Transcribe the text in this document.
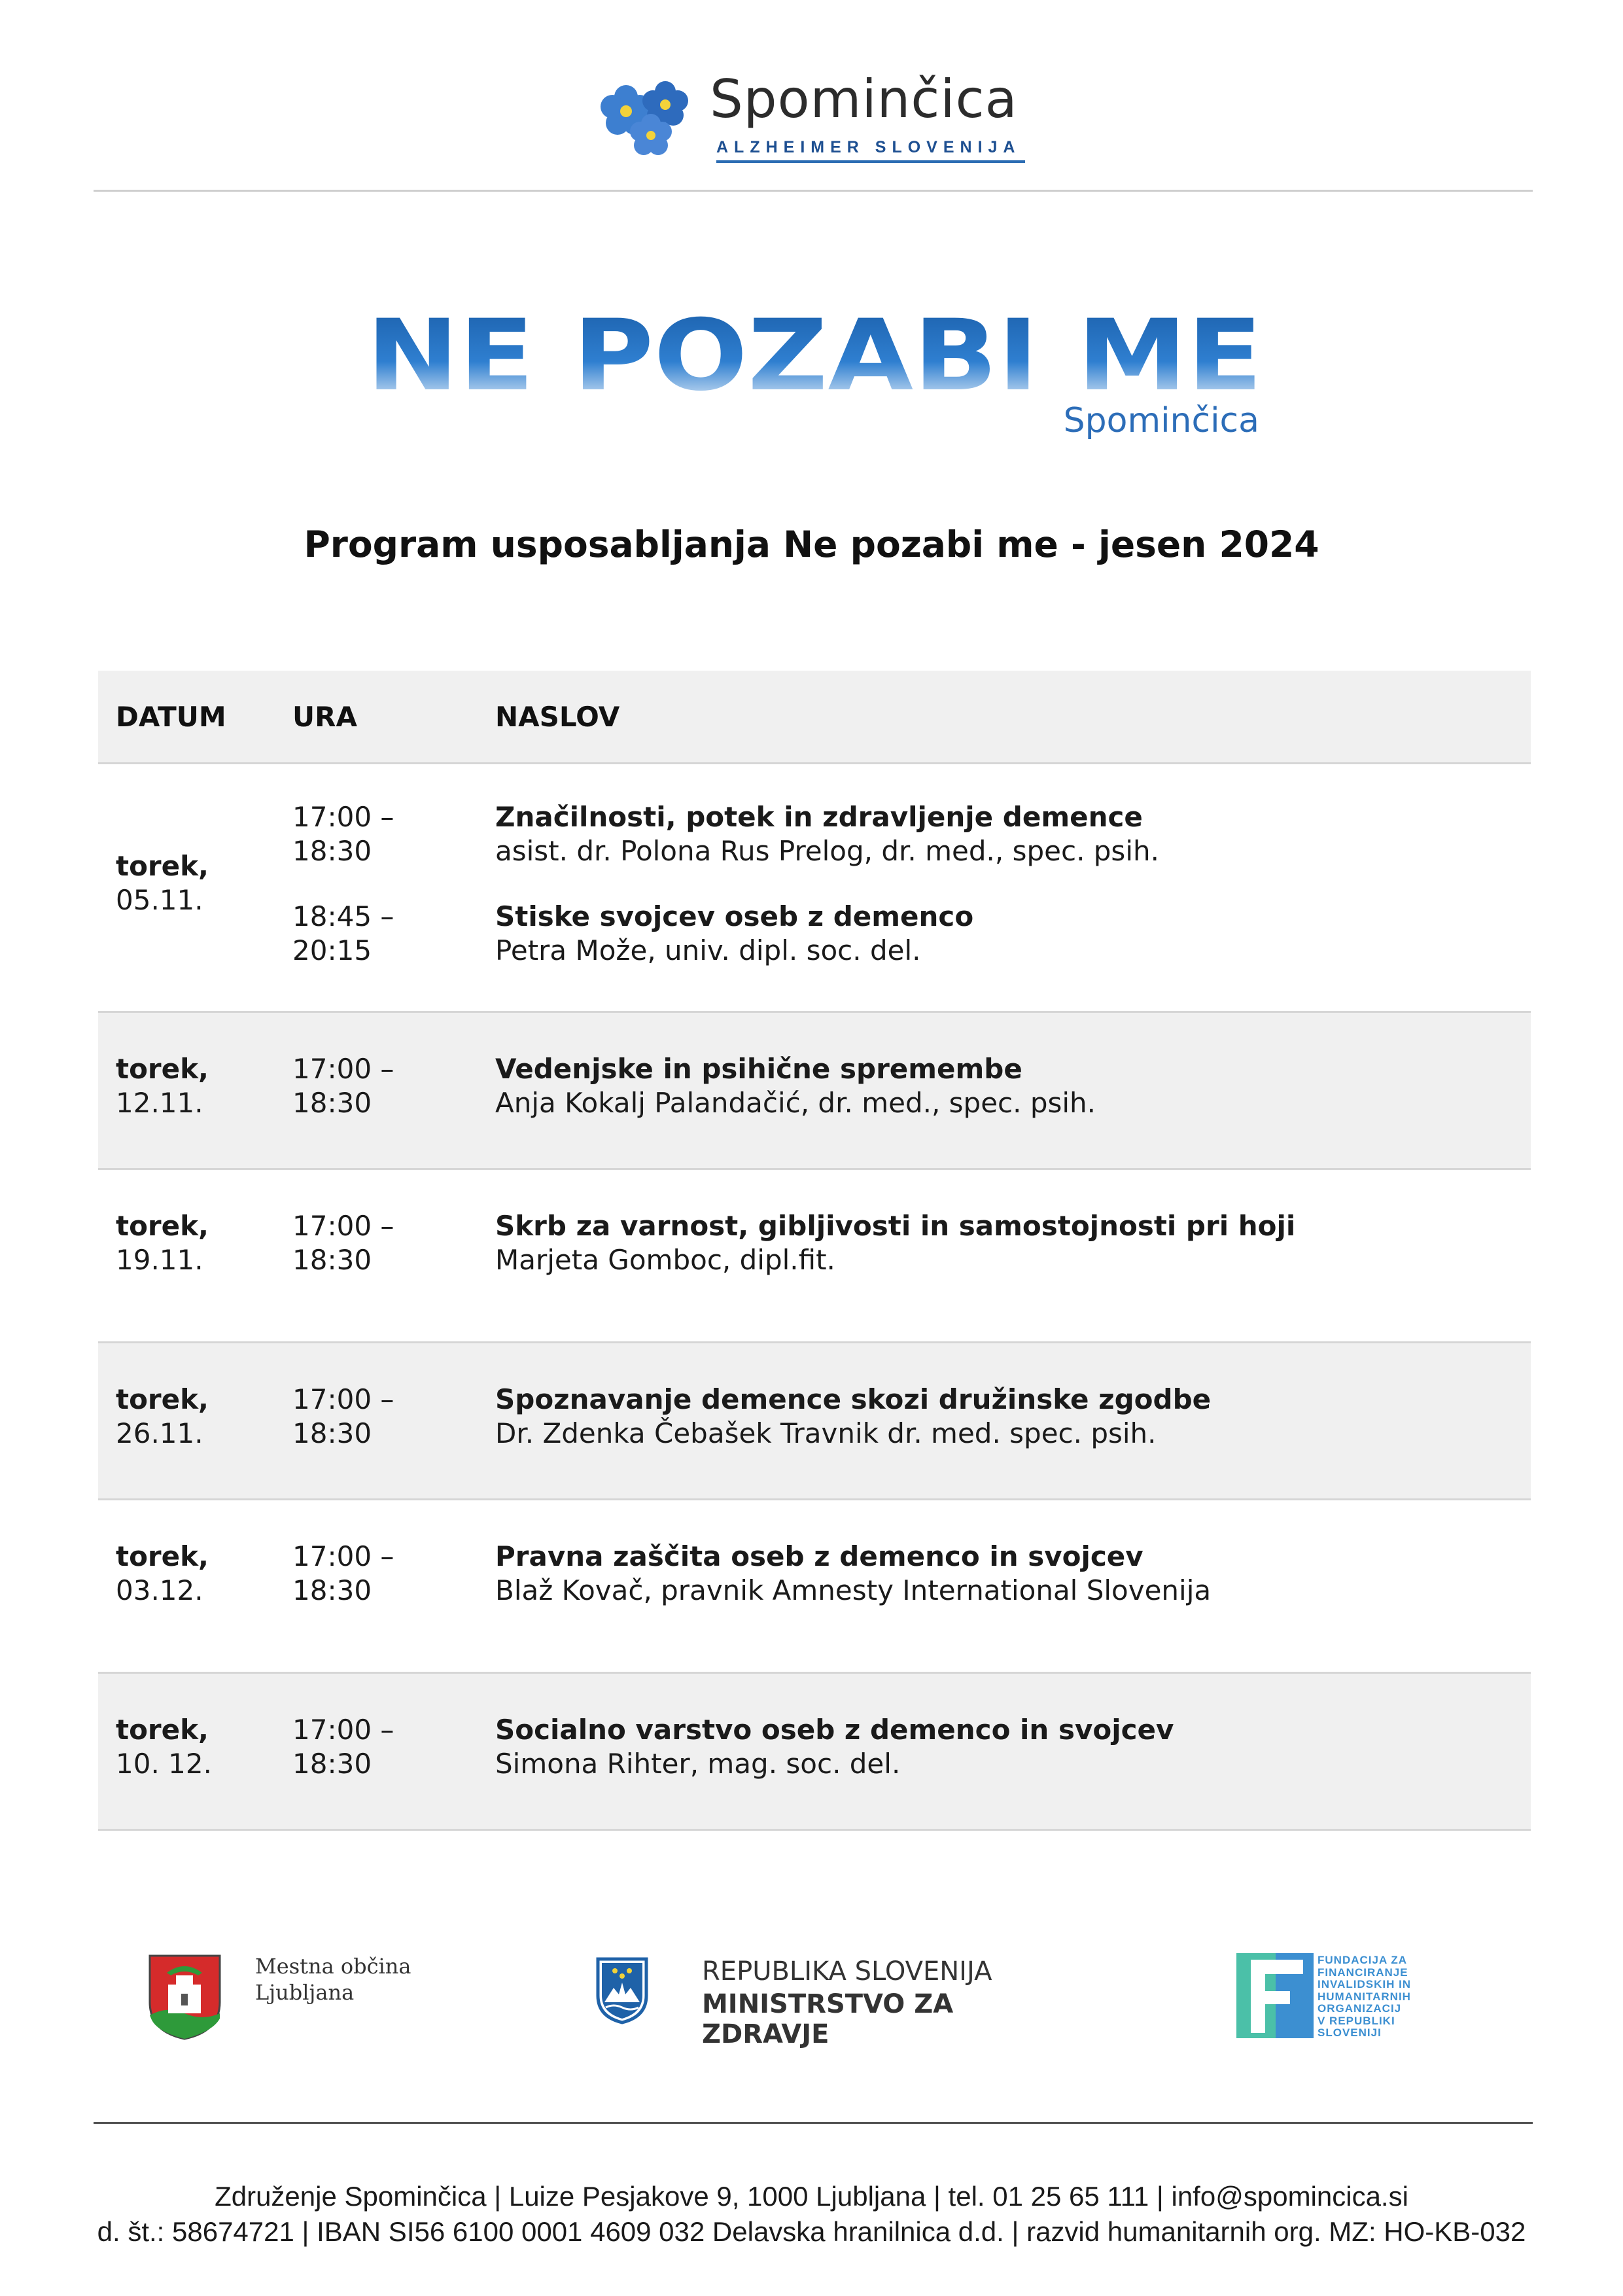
Spominčica
ALZHEIMER SLOVENIJA
NE POZABI ME
Spominčica
Program usposabljanja Ne pozabi me - jesen 2024
DATUM URA	NASLOV
torek,
05.11.
17:00 –
18:30
Značilnosti, potek in zdravljenje demence
asist. dr. Polona Rus Prelog, dr. med., spec. psih.
18:45 –
20:15
Stiske svojcev oseb z demenco
Petra Može, univ. dipl. soc. del.
torek,
12.11.
17:00 –
18:30
Vedenjske in psihične spremembe
Anja Kokalj Palandačić, dr. med., spec. psih.
torek,
19.11.
17:00 –
18:30
Skrb za varnost, gibljivosti in samostojnosti pri hoji
Marjeta Gomboc, dipl.fit.
torek,
26.11.
17:00 –
18:30
Spoznavanje demence skozi družinske zgodbe
Dr. Zdenka Čebašek Travnik dr. med. spec. psih.
torek,
03.12.
17:00 –
18:30
Pravna zaščita oseb z demenco in svojcev
Blaž Kovač, pravnik Amnesty International Slovenija
torek,
10. 12.
17:00 –
18:30
Socialno varstvo oseb z demenco in svojcev
Simona Rihter, mag. soc. del.
Mestna občina
Ljubljana
REPUBLIKA SLOVENIJA
MINISTRSTVO ZA ZDRAVJE
FUNDACIJA ZA
FINANCIRANJE
INVALIDSKIH IN
HUMANITARNIH
ORGANIZACIJ
V REPUBLIKI
SLOVENIJI
Združenje Spominčica | Luize Pesjakove 9, 1000 Ljubljana | tel. 01 25 65 111 | info@spomincica.si
d. št.: 58674721 | IBAN SI56 6100 0001 4609 032 Delavska hranilnica d.d. | razvid humanitarnih org. MZ: HO-KB-032
